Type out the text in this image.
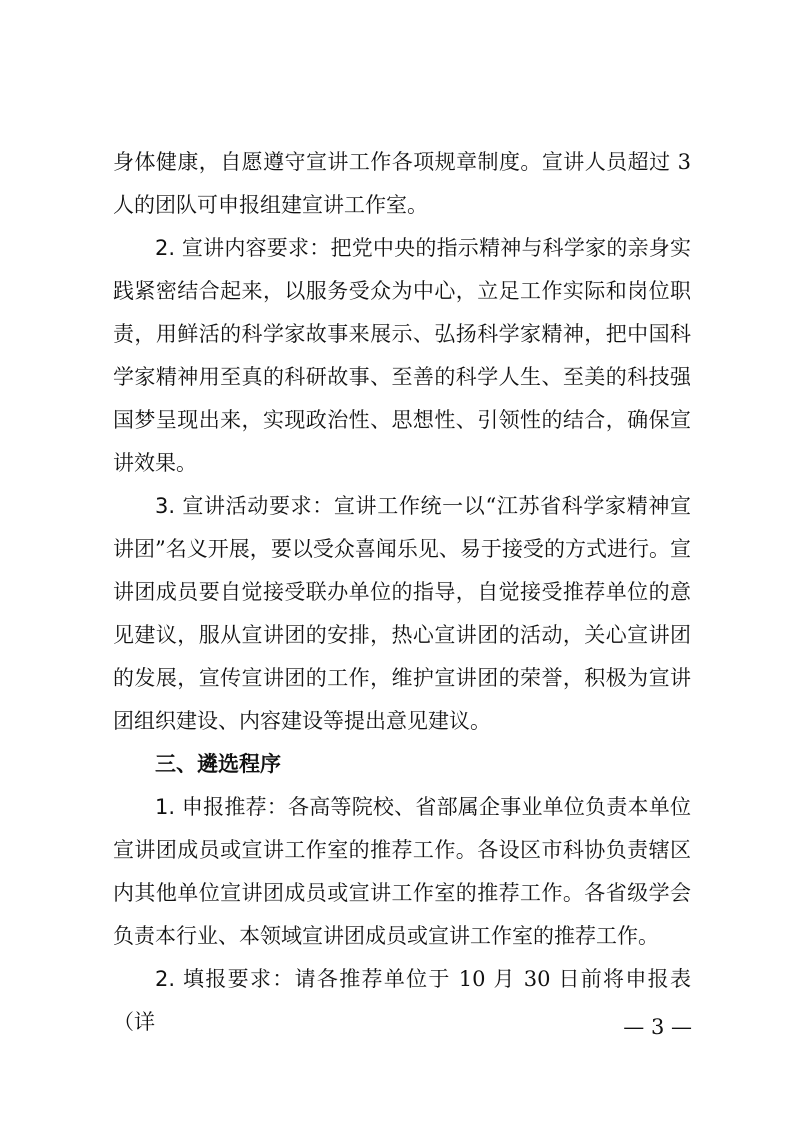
身体健康，自愿遵守宣讲工作各项规章制度。宣讲人员超过 3 人的团队可申报组建宣讲工作室。

2. 宣讲内容要求：把党中央的指示精神与科学家的亲身实践紧密结合起来，以服务受众为中心，立足工作实际和岗位职责，用鲜活的科学家故事来展示、弘扬科学家精神，把中国科学家精神用至真的科研故事、至善的科学人生、至美的科技强国梦呈现出来，实现政治性、思想性、引领性的结合，确保宣讲效果。

3. 宣讲活动要求：宣讲工作统一以“江苏省科学家精神宣讲团”名义开展，要以受众喜闻乐见、易于接受的方式进行。宣讲团成员要自觉接受联办单位的指导，自觉接受推荐单位的意见建议，服从宣讲团的安排，热心宣讲团的活动，关心宣讲团的发展，宣传宣讲团的工作，维护宣讲团的荣誉，积极为宣讲团组织建设、内容建设等提出意见建议。

三、遴选程序

1. 申报推荐：各高等院校、省部属企事业单位负责本单位宣讲团成员或宣讲工作室的推荐工作。各设区市科协负责辖区内其他单位宣讲团成员或宣讲工作室的推荐工作。各省级学会负责本行业、本领域宣讲团成员或宣讲工作室的推荐工作。

2. 填报要求：请各推荐单位于 10 月 30 日前将申报表（详	— 3 —
